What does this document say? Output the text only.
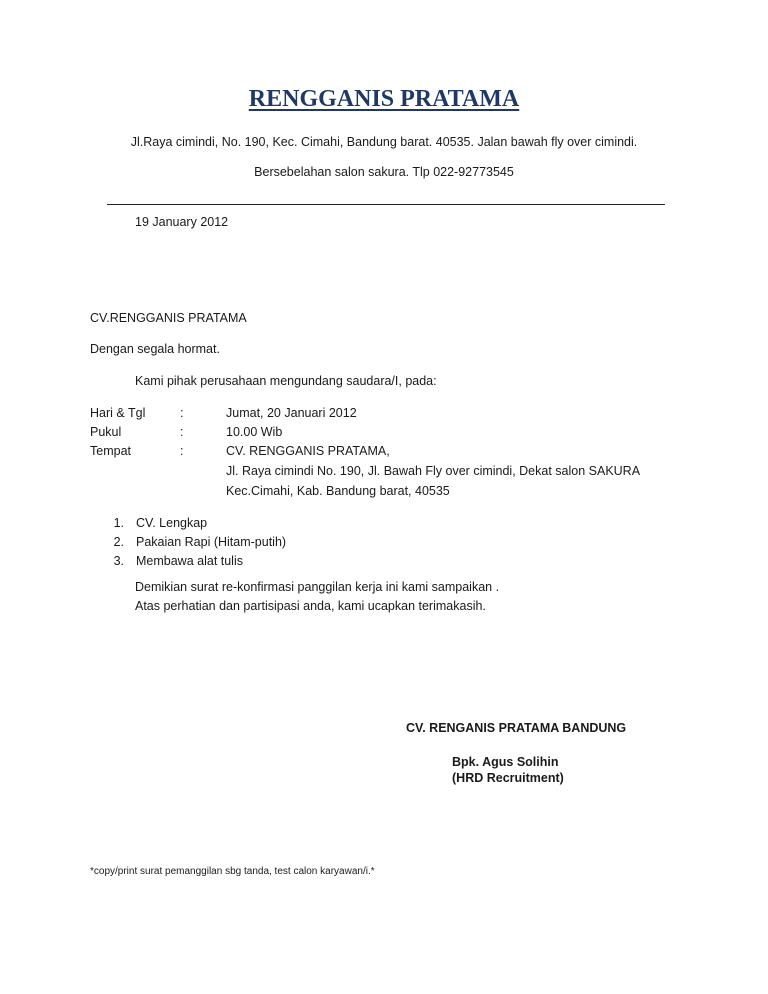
RENGGANIS PRATAMA
Jl.Raya cimindi, No. 190, Kec. Cimahi, Bandung barat. 40535. Jalan bawah fly over cimindi.
Bersebelahan salon sakura. Tlp 022-92773545
19 January 2012
CV.RENGGANIS PRATAMA
Dengan segala hormat.
Kami pihak perusahaan mengundang saudara/I, pada:
Hari & Tgl	:	Jumat, 20 Januari 2012
Pukul	:	10.00 Wib
Tempat	:	CV. RENGGANIS PRATAMA,
Jl. Raya cimindi No. 190, Jl. Bawah Fly over cimindi, Dekat salon SAKURA
Kec.Cimahi, Kab. Bandung barat, 40535
1. CV. Lengkap
2. Pakaian Rapi (Hitam-putih)
3. Membawa alat tulis
Demikian surat re-konfirmasi panggilan kerja ini kami sampaikan .
Atas perhatian dan partisipasi anda, kami ucapkan terimakasih.
CV. RENGANIS PRATAMA BANDUNG
Bpk. Agus Solihin
(HRD Recruitment)
*copy/print surat pemanggilan sbg tanda, test calon karyawan/i.*
